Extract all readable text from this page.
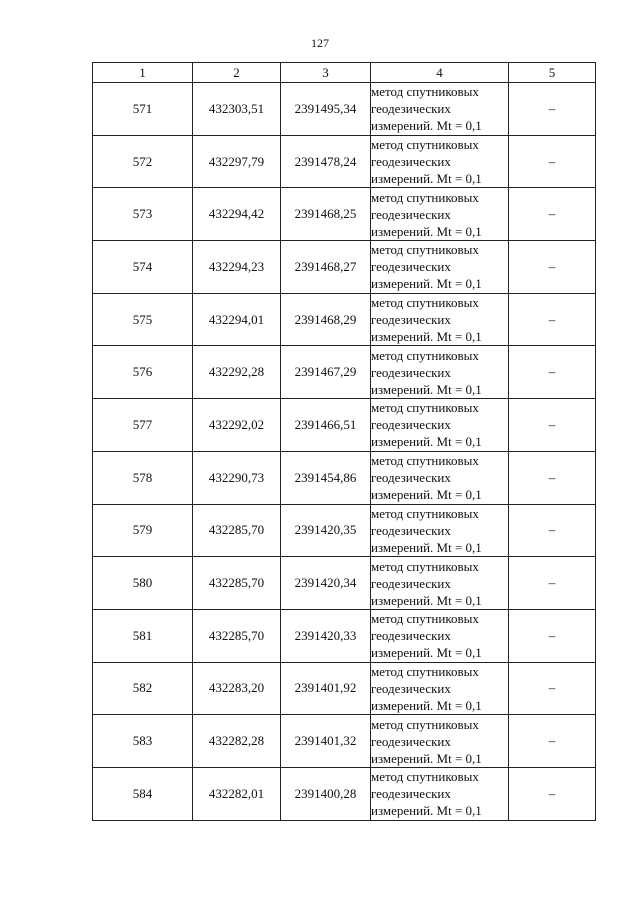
127
1	2	3	4	5
571	432303,51	2391495,34	метод спутниковых
геодезических
измерений. Mt = 0,1	–
572	432297,79	2391478,24	метод спутниковых
геодезических
измерений. Mt = 0,1	–
573	432294,42	2391468,25	метод спутниковых
геодезических
измерений. Mt = 0,1	–
574	432294,23	2391468,27	метод спутниковых
геодезических
измерений. Mt = 0,1	–
575	432294,01	2391468,29	метод спутниковых
геодезических
измерений. Mt = 0,1	–
576	432292,28	2391467,29	метод спутниковых
геодезических
измерений. Mt = 0,1	–
577	432292,02	2391466,51	метод спутниковых
геодезических
измерений. Mt = 0,1	–
578	432290,73	2391454,86	метод спутниковых
геодезических
измерений. Mt = 0,1	–
579	432285,70	2391420,35	метод спутниковых
геодезических
измерений. Mt = 0,1	–
580	432285,70	2391420,34	метод спутниковых
геодезических
измерений. Mt = 0,1	–
581	432285,70	2391420,33	метод спутниковых
геодезических
измерений. Mt = 0,1	–
582	432283,20	2391401,92	метод спутниковых
геодезических
измерений. Mt = 0,1	–
583	432282,28	2391401,32	метод спутниковых
геодезических
измерений. Mt = 0,1	–
584	432282,01	2391400,28	метод спутниковых
геодезических
измерений. Mt = 0,1	–
